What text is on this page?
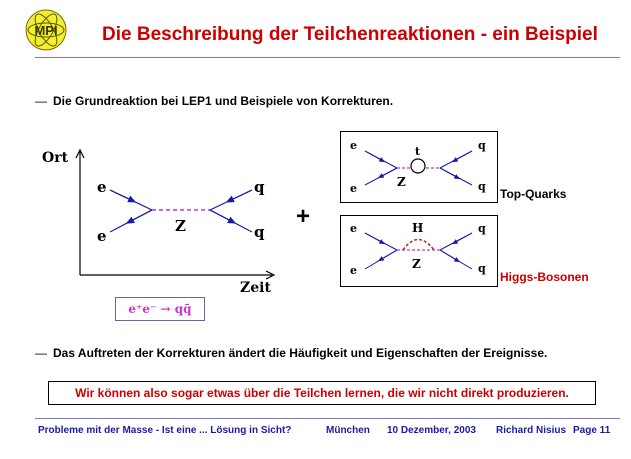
MPI Die Beschreibung der Teilchenreaktionen - ein Beispiel
— Die Grundreaktion bei LEP1 und Beispiele von Korrekturen.
Ort
Zeit
e
e
q
q
Z
e⁺e⁻ → qq̄
+
e
e
q
q
t
Z
Top-Quarks
e
e
q
q
H
Z
Higgs-Bosonen
— Das Auftreten der Korrekturen ändert die Häufigkeit und Eigenschaften der Ereignisse.
Wir können also sogar etwas über die Teilchen lernen, die wir nicht direkt produzieren.
Probleme mit der Masse - Ist eine ... Lösung in Sicht?	München 10 Dezember, 2003 Richard Nisius Page 11
